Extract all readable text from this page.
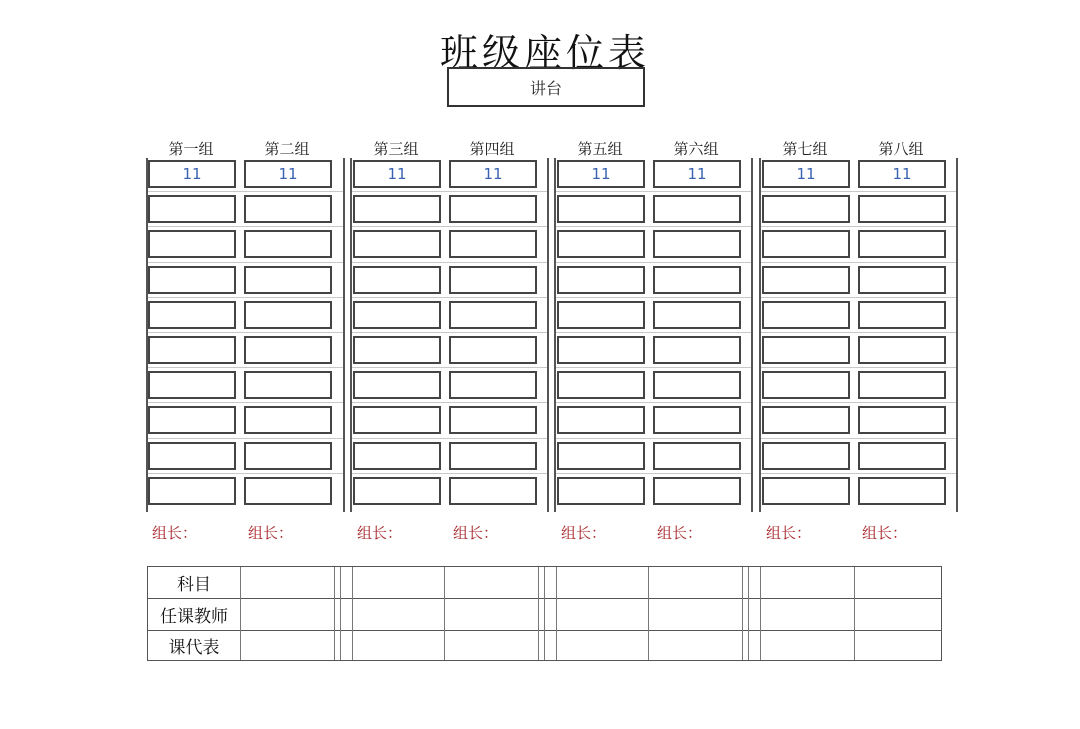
班级座位表
讲台
科目
任课教师
课代表
第一组	第二组	第三组	第四组	第五组	第六组	第七组	第八组
11	11	11	11	11	11	11	11
组长：	组长：	组长：	组长：	组长：	组长：	组长：	组长：
